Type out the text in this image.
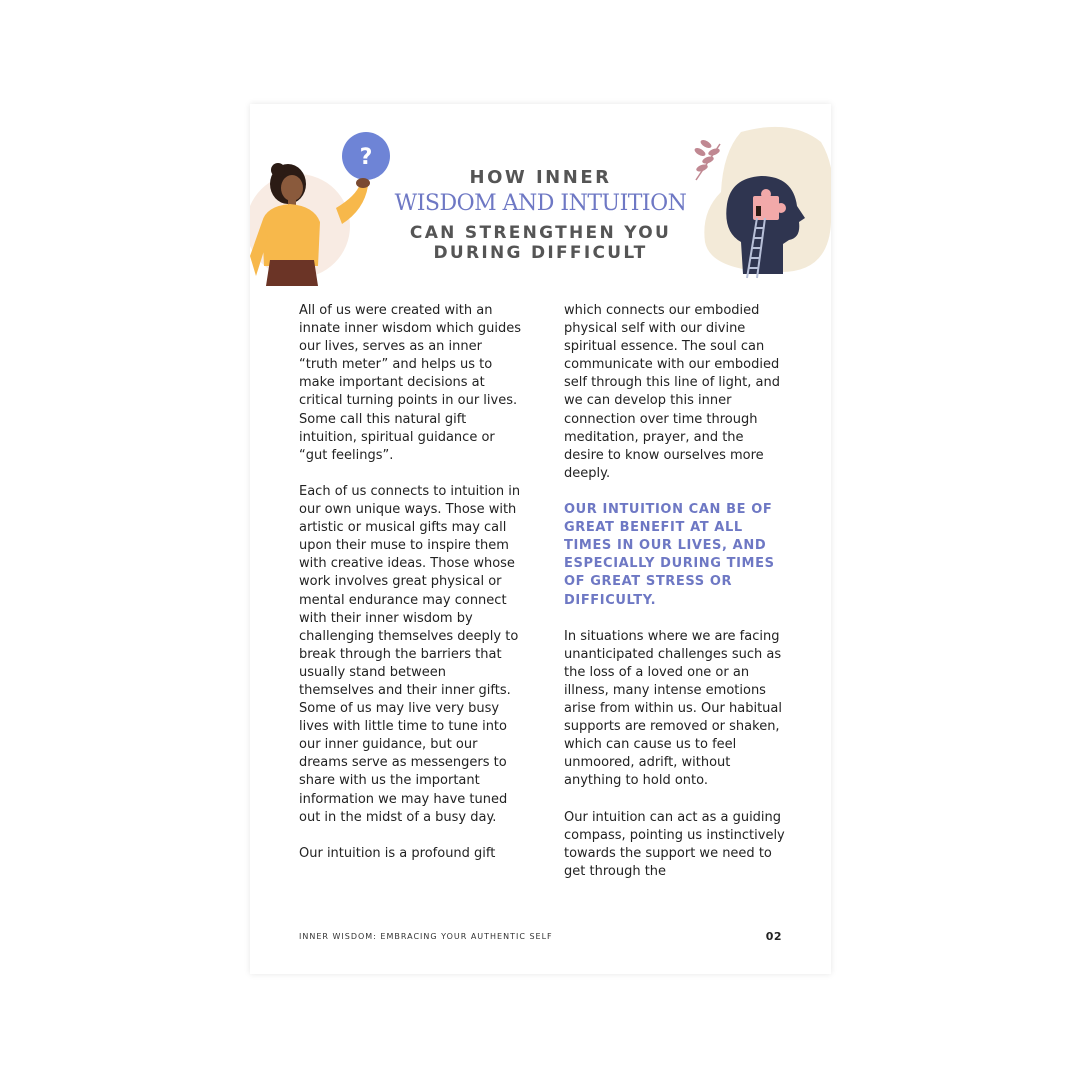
?
HOW INNER
WISDOM AND INTUITION
CAN STRENGTHEN YOU
DURING DIFFICULT

All of us were created with an innate inner wisdom which guides our lives, serves as an inner “truth meter” and helps us to make important decisions at critical turning points in our lives. Some call this natural gift intuition, spiritual guidance or “gut feelings”.

Each of us connects to intuition in our own unique ways. Those with artistic or musical gifts may call upon their muse to inspire them with creative ideas. Those whose work involves great physical or mental endurance may connect with their inner wisdom by challenging themselves deeply to break through the barriers that usually stand between themselves and their inner gifts. Some of us may live very busy lives with little time to tune into our inner guidance, but our dreams serve as messengers to share with us the important information we may have tuned out in the midst of a busy day.

Our intuition is a profound gift

which connects our embodied physical self with our divine spiritual essence. The soul can communicate with our embodied self through this line of light, and we can develop this inner connection over time through meditation, prayer, and the desire to know ourselves more deeply.

OUR INTUITION CAN BE OF GREAT BENEFIT AT ALL TIMES IN OUR LIVES, AND ESPECIALLY DURING TIMES OF GREAT STRESS OR DIFFICULTY.

In situations where we are facing unanticipated challenges such as the loss of a loved one or an illness, many intense emotions arise from within us. Our habitual supports are removed or shaken, which can cause us to feel unmoored, adrift, without anything to hold onto.

Our intuition can act as a guiding compass, pointing us instinctively towards the support we need to get through the

INNER WISDOM: EMBRACING YOUR AUTHENTIC SELF	02
